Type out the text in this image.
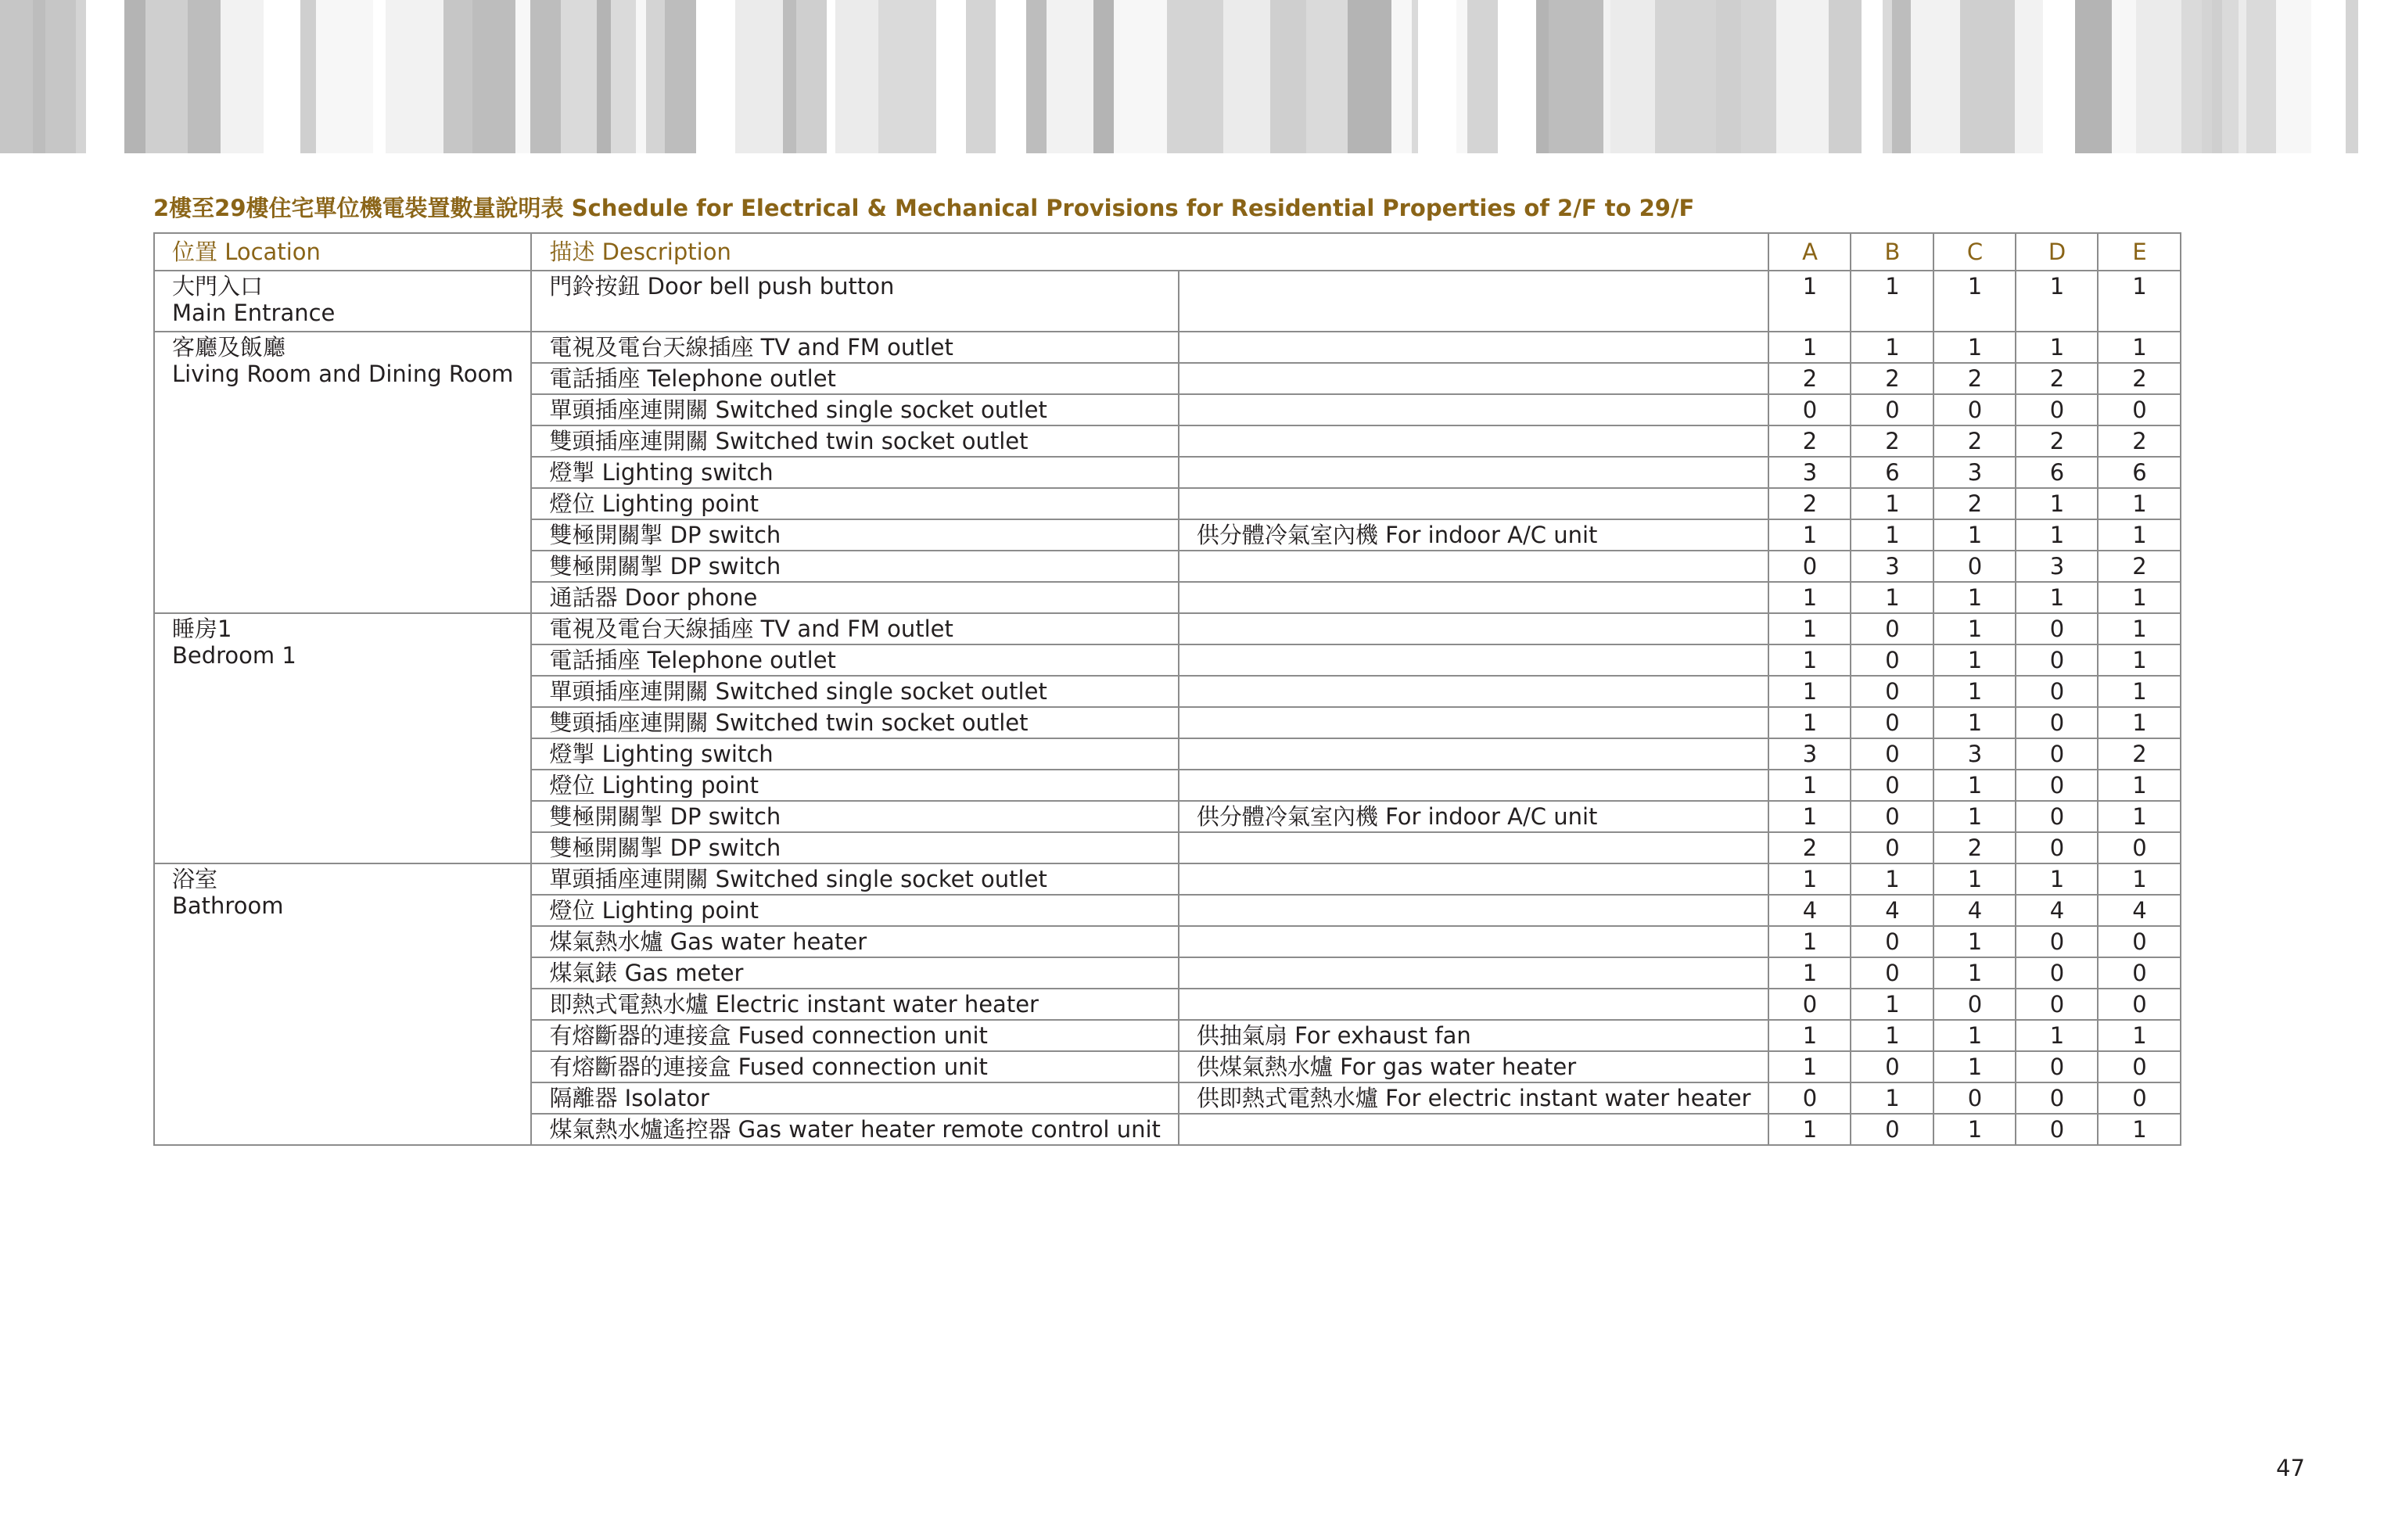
2樓至29樓住宅單位機電裝置數量說明表 Schedule for Electrical & Mechanical Provisions for Residential Properties of 2/F to 29/F
位置 Location	描述 Description		A	B	C	D	E

大門入口
Main Entrance	門鈴按鈕 Door bell push button		1	1	1	1	1

客廳及飯廳
Living Room and Dining Room	電視及電台天線插座 TV and FM outlet		1	1	1	1	1
	電話插座 Telephone outlet		2	2	2	2	2
	單頭插座連開關 Switched single socket outlet		0	0	0	0	0
	雙頭插座連開關 Switched twin socket outlet		2	2	2	2	2
	燈掣 Lighting switch		3	6	3	6	6
	燈位 Lighting point		2	1	2	1	1
	雙極開關掣 DP switch	供分體冷氣室內機 For indoor A/C unit	1	1	1	1	1
	雙極開關掣 DP switch		0	3	0	3	2
	通話器 Door phone		1	1	1	1	1

睡房1
Bedroom 1	電視及電台天線插座 TV and FM outlet		1	0	1	0	1
	電話插座 Telephone outlet		1	0	1	0	1
	單頭插座連開關 Switched single socket outlet		1	0	1	0	1
	雙頭插座連開關 Switched twin socket outlet		1	0	1	0	1
	燈掣 Lighting switch		3	0	3	0	2
	燈位 Lighting point		1	0	1	0	1
	雙極開關掣 DP switch	供分體冷氣室內機 For indoor A/C unit	1	0	1	0	1
	雙極開關掣 DP switch		2	0	2	0	0

浴室
Bathroom	單頭插座連開關 Switched single socket outlet		1	1	1	1	1
	燈位 Lighting point		4	4	4	4	4
	煤氣熱水爐 Gas water heater		1	0	1	0	0
	煤氣錶 Gas meter		1	0	1	0	0
	即熱式電熱水爐 Electric instant water heater		0	1	0	0	0
	有熔斷器的連接盒 Fused connection unit	供抽氣扇 For exhaust fan	1	1	1	1	1
	有熔斷器的連接盒 Fused connection unit	供煤氣熱水爐 For gas water heater	1	0	1	0	0
	隔離器 Isolator	供即熱式電熱水爐 For electric instant water heater	0	1	0	0	0
	煤氣熱水爐遙控器 Gas water heater remote control unit		1	0	1	0	1
47
